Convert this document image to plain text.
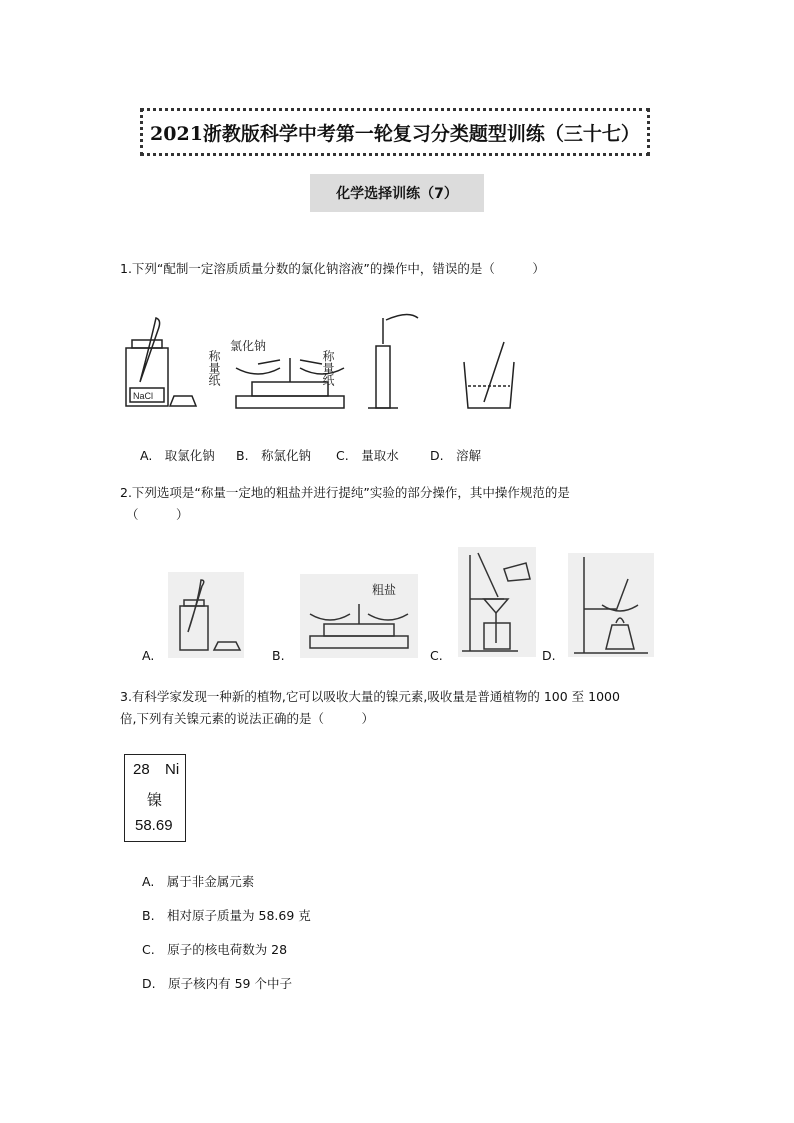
2021浙教版科学中考第一轮复习分类题型训练（三十七）
化学选择训练（7）
1.下列“配制一定溶质质量分数的氯化钠溶液”的操作中，错误的是（　　　）
NaCl
氯化钠
称量纸	称量纸
A.　取氯化钠 B.　称氯化钠 C.　量取水	D.　溶解
2.下列选项是“称量一定地的粗盐并进行提纯”实验的部分操作，其中操作规范的是
（　　　）
粗盐
A.	B.	C.	D.
3.有科学家发现一种新的植物,它可以吸收大量的镍元素,吸收量是普通植物的 100 至 1000
倍,下列有关镍元素的说法正确的是（　　　）
28 Ni
镍
58.69
A.　属于非金属元素
B.　相对原子质量为 58.69 克
C.　原子的核电荷数为 28
D.　原子核内有 59 个中子
